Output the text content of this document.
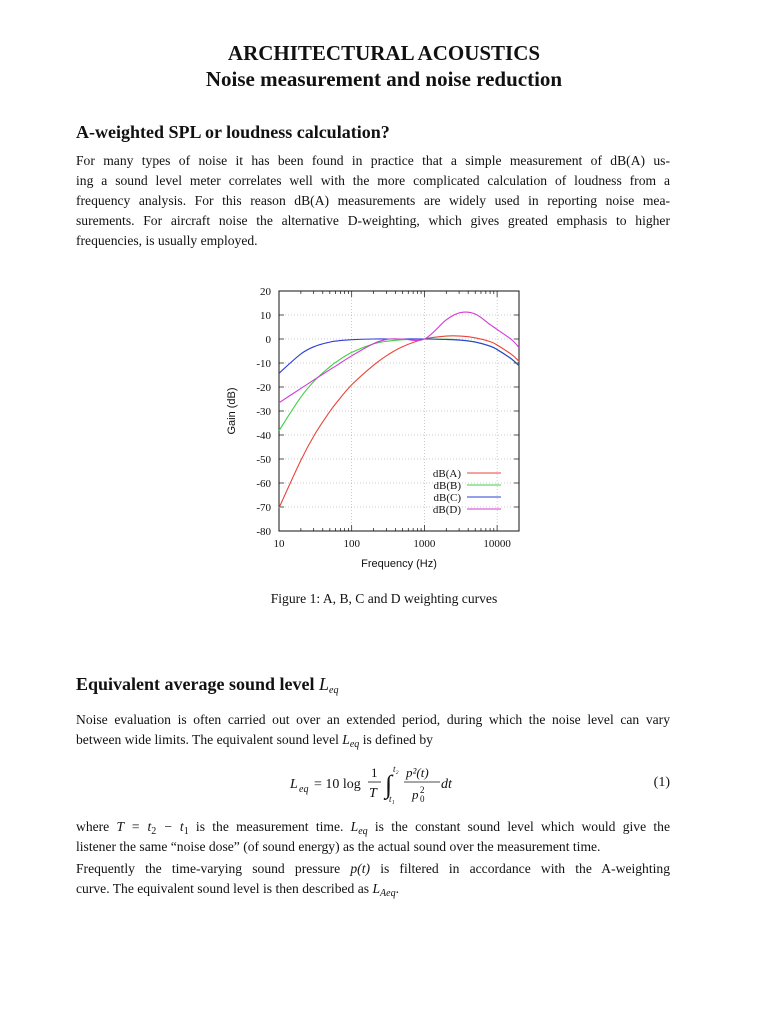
ARCHITECTURAL ACOUSTICS
Noise measurement and noise reduction
A-weighted SPL or loudness calculation?
For many types of noise it has been found in practice that a simple measurement of dB(A) us-
ing a sound level meter correlates well with the more complicated calculation of loudness from a
frequency analysis. For this reason dB(A) measurements are widely used in reporting noise mea-
surements. For aircraft noise the alternative D-weighting, which gives greated emphasis to higher
frequencies, is usually employed.
20
10
0
-10
-20
-30
-40
-50
-60
-70
-80
10	100	1000	10000
Frequency (Hz)
Gain (dB)
dB(A)
dB(B)
dB(C)
dB(D)
Figure 1: A, B, C and D weighting curves
Equivalent average sound level $L_{eq}$
Noise evaluation is often carried out over an extended period, during which the noise level can vary
between wide limits. The equivalent sound level $L_{eq}$ is defined by
L eq = 10 log
1
T ∫
t₂
t₁
p²(t)
p 0
2 dt	(1)
where $T = t_2 - t_1$ is the measurement time. $L_{eq}$ is the constant sound level which would give the
listener the same “noise dose” (of sound energy) as the actual sound over the measurement time.
Frequently the time-varying sound pressure p(t) is filtered in accordance with the A-weighting
curve. The equivalent sound level is then described as $L_{Aeq}$.
